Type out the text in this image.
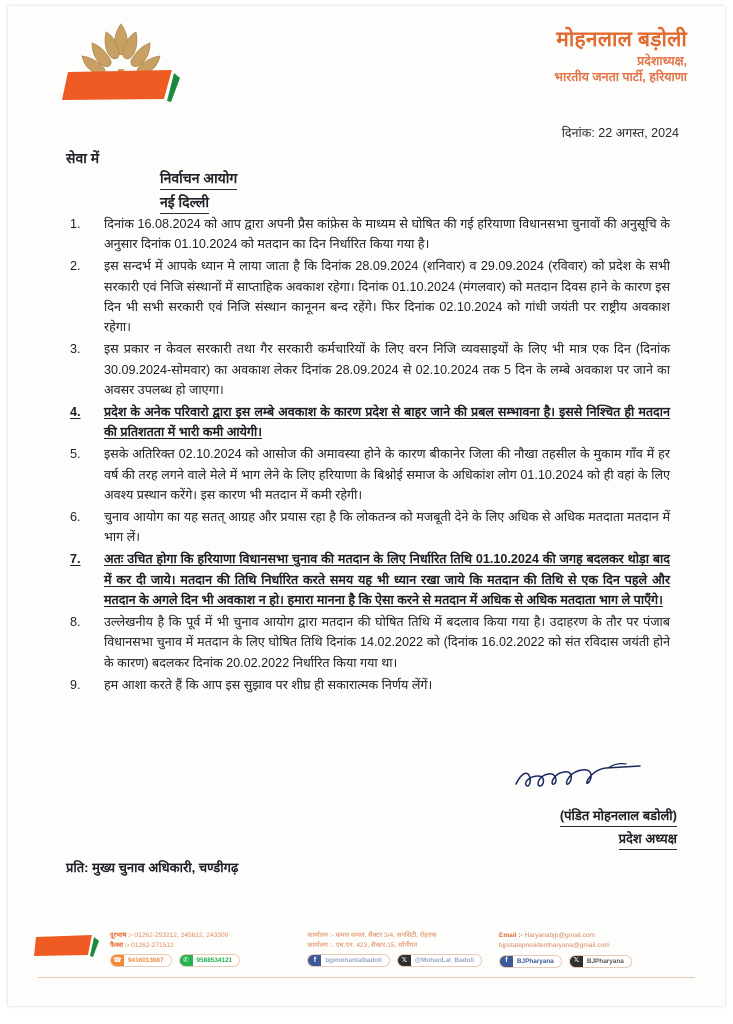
मोहनलाल बड़ोली
प्रदेशाध्यक्ष,
भारतीय जनता पार्टी, हरियाणा
दिनांक: 22 अगस्त, 2024
सेवा में
निर्वाचन आयोग
नई दिल्ली
1.	दिनांक 16.08.2024 को आप द्वारा अपनी प्रैस कांफ्रेस के माध्यम से घोषित की गई हरियाणा विधानसभा चुनावों की अनुसूचि के अनुसार दिनांक 01.10.2024 को मतदान का दिन निर्धारित किया गया है।
2.	इस सन्दर्भ में आपके ध्यान मे लाया जाता है कि दिनांक 28.09.2024 (शनिवार) व 29.09.2024 (रविवार) को प्रदेश के सभी सरकारी एवं निजि संस्थानों में साप्ताहिक अवकाश रहेगा। दिनांक 01.10.2024 (मंगलवार) को मतदान दिवस हाने के कारण इस दिन भी सभी सरकारी एवं निजि संस्थान कानूनन बन्द रहेंगे। फिर दिनांक 02.10.2024 को गांधी जयंती पर राष्ट्रीय अवकाश रहेगा।
3.	इस प्रकार न केवल सरकारी तथा गैर सरकारी कर्मचारियों के लिए वरन निजि व्यवसाइयों के लिए भी मात्र एक दिन (दिनांक 30.09.2024-सोमवार) का अवकाश लेकर दिनांक 28.09.2024 से 02.10.2024 तक 5 दिन के लम्बे अवकाश पर जाने का अवसर उपलब्ध हो जाएगा।
4.	प्रदेश के अनेक परिवारो द्वारा इस लम्बे अवकाश के कारण प्रदेश से बाहर जाने की प्रबल सम्भावना है। इससे निश्चित ही मतदान की प्रतिशतता में भारी कमी आयेगी।
5.	इसके अतिरिक्त 02.10.2024 को आसोज की अमावस्या होने के कारण बीकानेर जिला की नौखा तहसील के मुकाम गाँव में हर वर्ष की तरह लगने वाले मेले में भाग लेने के लिए हरियाणा के बिश्नोई समाज के अधिकांश लोग 01.10.2024 को ही वहां के लिए अवश्य प्रस्थान करेंगे। इस कारण भी मतदान में कमी रहेगी।
6.	चुनाव आयोग का यह सतत् आग्रह और प्रयास रहा है कि लोकतन्त्र को मजबूती देने के लिए अधिक से अधिक मतदाता मतदान में भाग लें।
7.	अतः उचित होगा कि हरियाणा विधानसभा चुनाव की मतदान के लिए निर्धारित तिथि 01.10.2024 की जगह बदलकर थोड़ा बाद में कर दी जाये। मतदान की तिथि निर्धारित करते समय यह भी ध्यान रखा जाये कि मतदान की तिथि से एक दिन पहले और मतदान के अगले दिन भी अवकाश न हो। हमारा मानना है कि ऐसा करने से मतदान में अधिक से अधिक मतदाता भाग ले पाएँगे।
8.	उल्लेखनीय है कि पूर्व में भी चुनाव आयोग द्वारा मतदान की घोषित तिथि में बदलाव किया गया है। उदाहरण के तौर पर पंजाब विधानसभा चुनाव में मतदान के लिए घोषित तिथि दिनांक 14.02.2022 को (दिनांक 16.02.2022 को संत रविदास जयंती होने के कारण) बदलकर दिनांक 20.02.2022 निर्धारित किया गया था।
9.	हम आशा करते हैं कि आप इस सुझाव पर शीघ्र ही सकारात्मक निर्णय लेंगें।
(पंडित मोहनलाल बडोली)
प्रदेश अध्यक्ष
प्रति: मुख्य चुनाव अधिकारी, चण्डीगढ़
दूरभाष :- 01262-253212, 245612, 243300
फैक्स :- 01262-271512
☎ 9416013687	✆	9588534121
कार्यालय :- कमल कमल, सैक्टर 3/4, सनसिटी, रोहतक
कार्यालय :- एच.एन. 423, सैक्टर-15, सोनीपत
f	bjpmohanlalbadoli	𝕏	@MohanLal_Badoli
Email :- Haryanabjp@gmail.com
bjpstatepresidentharyana@gmail.com
f	BJPharyana	𝕏	BJPharyana
